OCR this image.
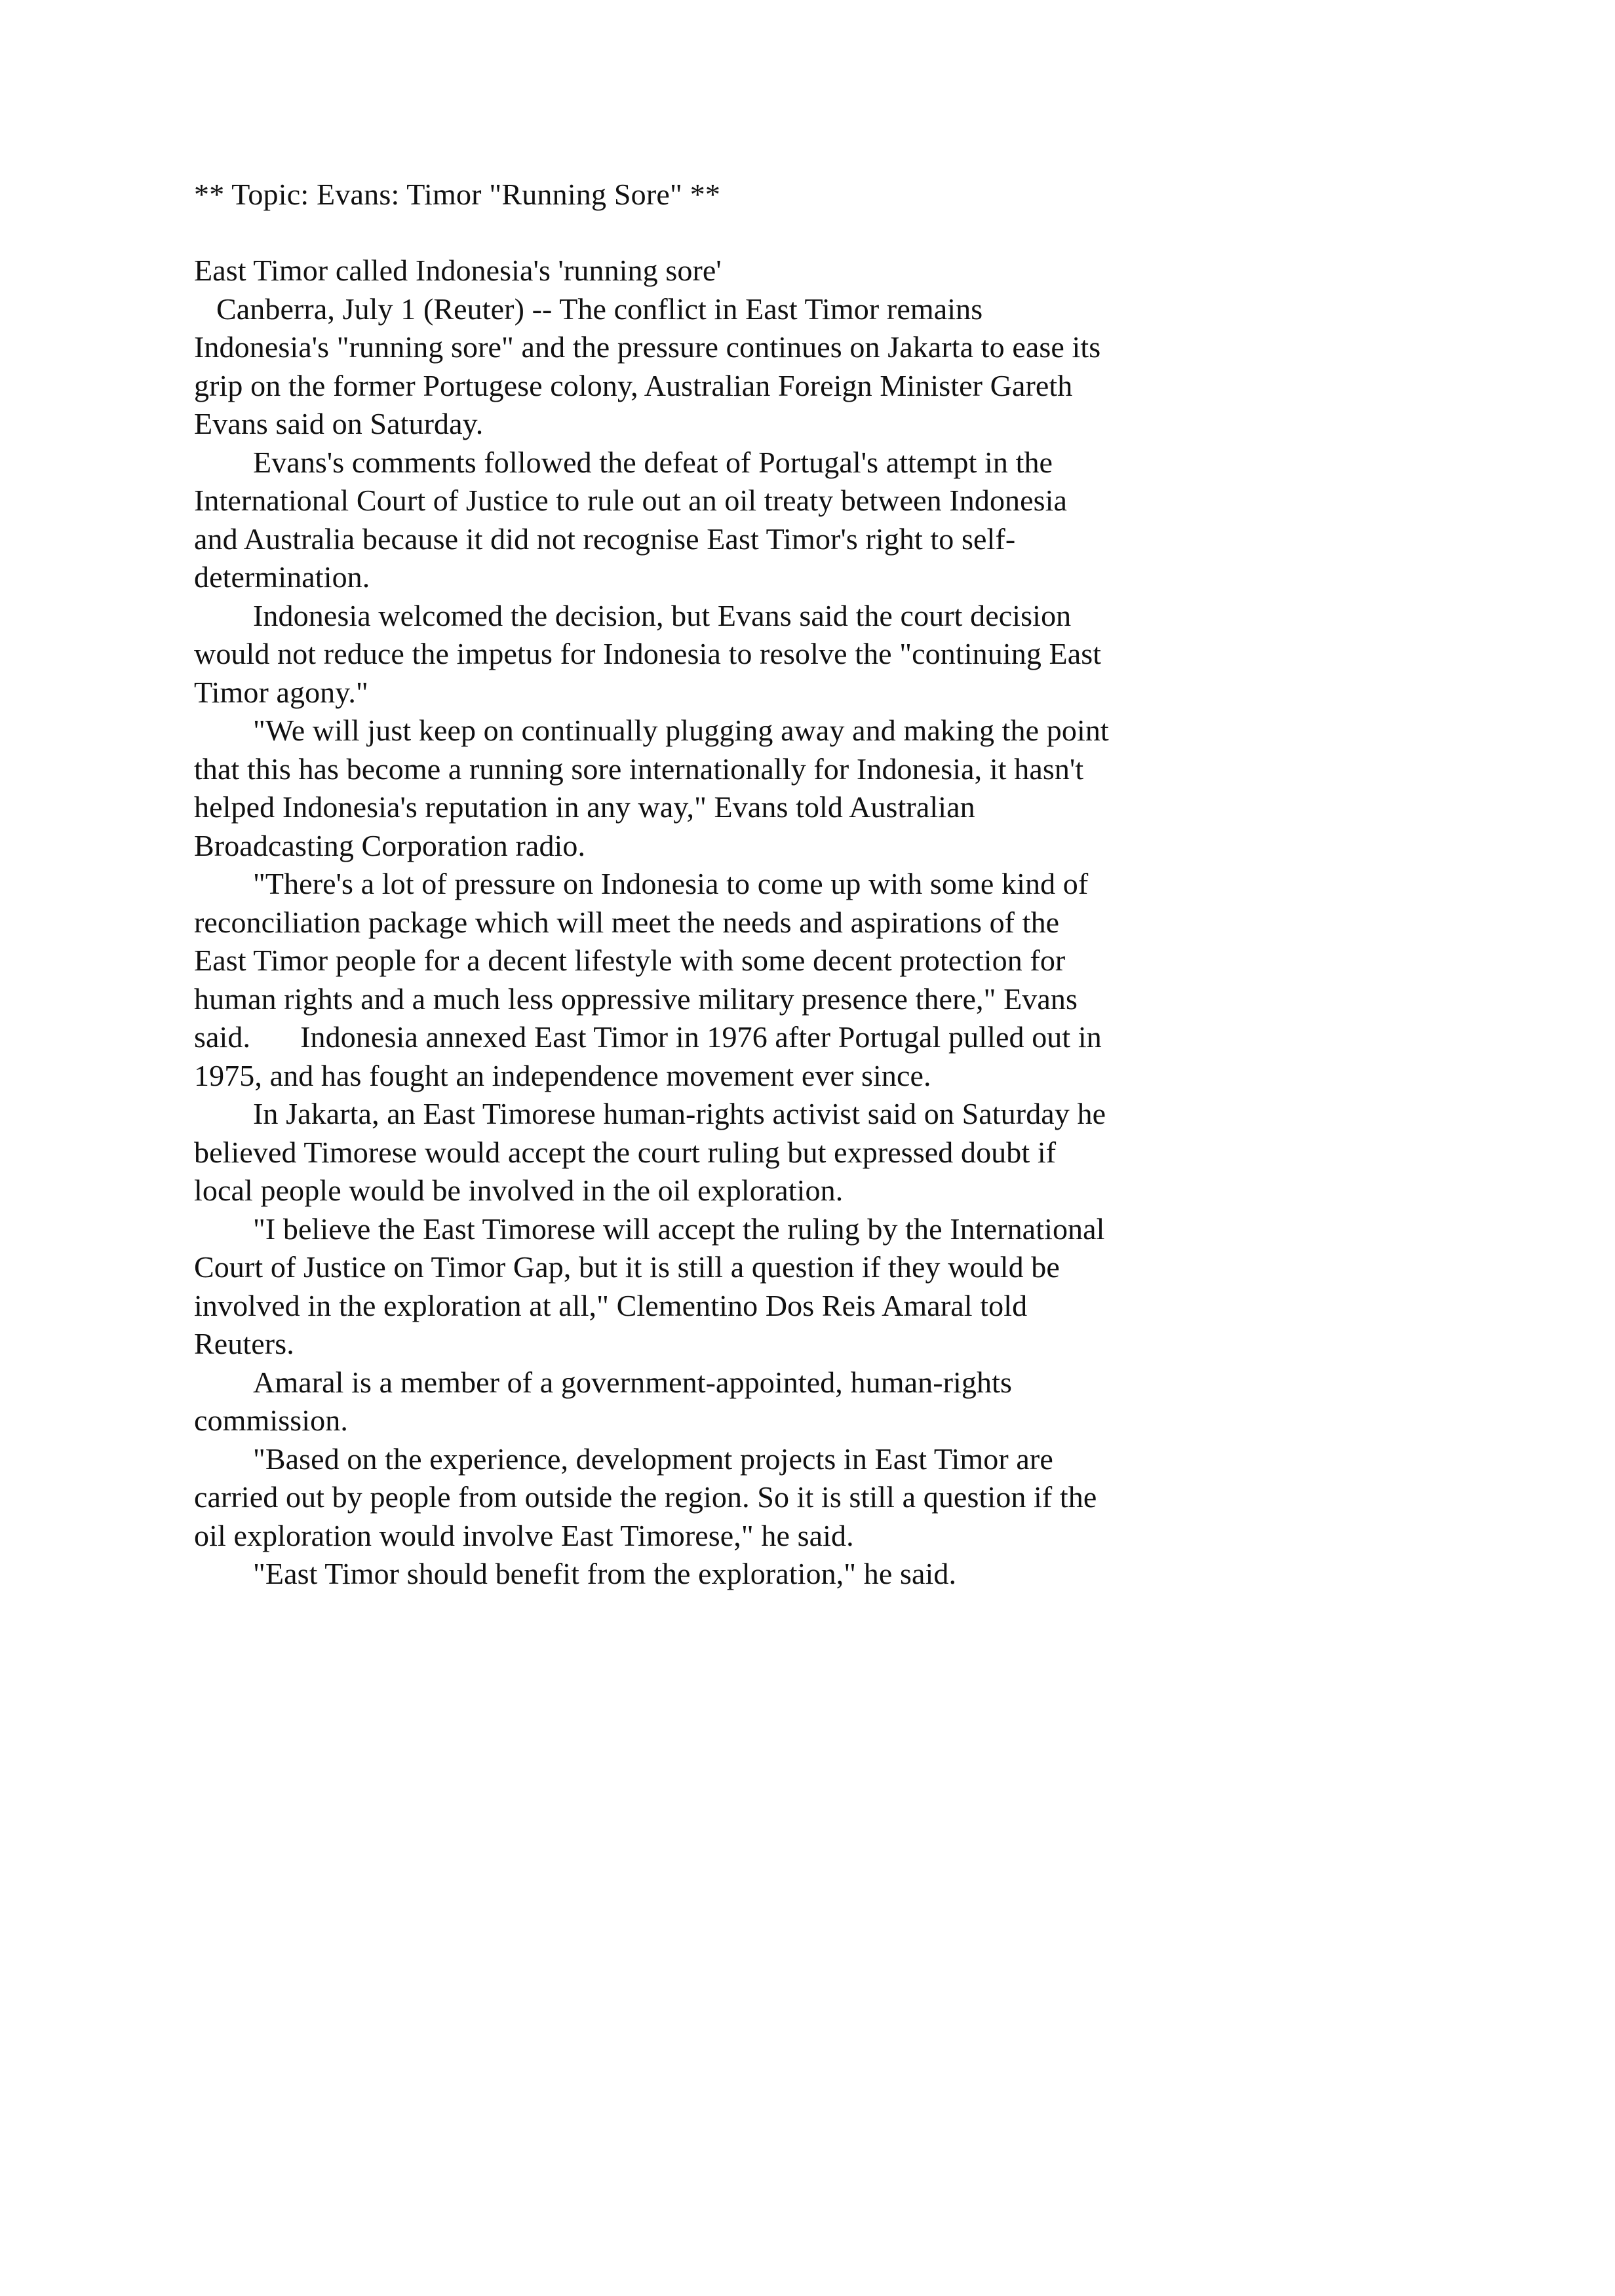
** Topic: Evans: Timor "Running Sore" **
East Timor called Indonesia's 'running sore'
Canberra, July 1 (Reuter) -- The conflict in East Timor remains
Indonesia's "running sore" and the pressure continues on Jakarta to ease its
grip on the former Portugese colony, Australian Foreign Minister Gareth
Evans said on Saturday.
Evans's comments followed the defeat of Portugal's attempt in the
International Court of Justice to rule out an oil treaty between Indonesia
and Australia because it did not recognise East Timor's right to self-
determination.
Indonesia welcomed the decision, but Evans said the court decision
would not reduce the impetus for Indonesia to resolve the "continuing East
Timor agony."
"We will just keep on continually plugging away and making the point
that this has become a running sore internationally for Indonesia, it hasn't
helped Indonesia's reputation in any way," Evans told Australian
Broadcasting Corporation radio.
"There's a lot of pressure on Indonesia to come up with some kind of
reconciliation package which will meet the needs and aspirations of the
East Timor people for a decent lifestyle with some decent protection for
human rights and a much less oppressive military presence there," Evans
said. Indonesia annexed East Timor in 1976 after Portugal pulled out in
1975, and has fought an independence movement ever since.
In Jakarta, an East Timorese human-rights activist said on Saturday he
believed Timorese would accept the court ruling but expressed doubt if
local people would be involved in the oil exploration.
"I believe the East Timorese will accept the ruling by the International
Court of Justice on Timor Gap, but it is still a question if they would be
involved in the exploration at all," Clementino Dos Reis Amaral told
Reuters.
Amaral is a member of a government-appointed, human-rights
commission.
"Based on the experience, development projects in East Timor are
carried out by people from outside the region. So it is still a question if the
oil exploration would involve East Timorese," he said.
"East Timor should benefit from the exploration," he said.
